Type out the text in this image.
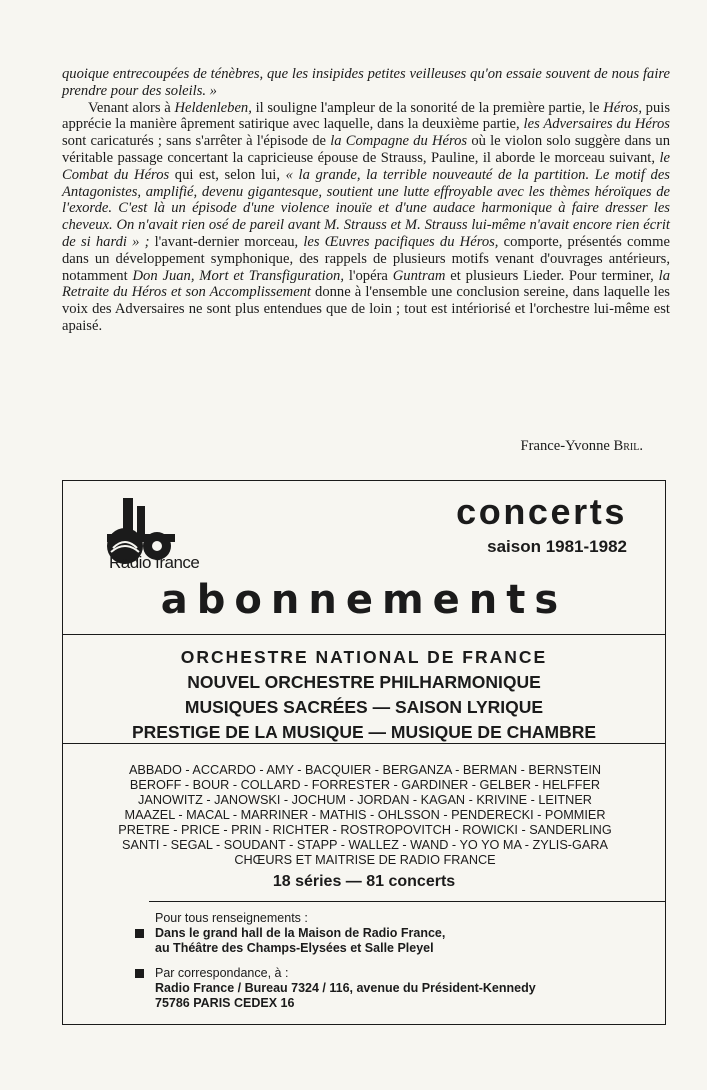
quoique entrecoupées de ténèbres, que les insipides petites veilleuses qu'on essaie souvent de nous faire prendre pour des soleils. »

Venant alors à Heldenleben, il souligne l'ampleur de la sonorité de la première partie, le Héros, puis apprécie la manière âprement satirique avec laquelle, dans la deuxième partie, les Adversaires du Héros sont caricaturés ; sans s'arrêter à l'épisode de la Compagne du Héros où le violon solo suggère dans un véritable passage concertant la capricieuse épouse de Strauss, Pauline, il aborde le morceau suivant, le Combat du Héros qui est, selon lui, « la grande, la terrible nouveauté de la partition. Le motif des Antagonistes, amplifié, devenu gigantesque, soutient une lutte effroyable avec les thèmes héroïques de l'exorde. C'est là un épisode d'une violence inouïe et d'une audace harmonique à faire dresser les cheveux. On n'avait rien osé de pareil avant M. Strauss et M. Strauss lui-même n'avait encore rien écrit de si hardi » ; l'avant-dernier morceau, les Œuvres pacifiques du Héros, comporte, présentés comme dans un développement symphonique, des rappels de plusieurs motifs venant d'ouvrages antérieurs, notamment Don Juan, Mort et Transfiguration, l'opéra Guntram et plusieurs Lieder. Pour terminer, la Retraite du Héros et son Accomplissement donne à l'ensemble une conclusion sereine, dans laquelle les voix des Adversaires ne sont plus entendues que de loin ; tout est intériorisé et l'orchestre lui-même est apaisé.

France-Yvonne Bril.
Radio france
concerts
saison 1981-1982
abonnements
ORCHESTRE NATIONAL DE FRANCE
NOUVEL ORCHESTRE PHILHARMONIQUE
MUSIQUES SACRÉES — SAISON LYRIQUE
PRESTIGE DE LA MUSIQUE — MUSIQUE DE CHAMBRE
ABBADO - ACCARDO - AMY - BACQUIER - BERGANZA - BERMAN - BERNSTEIN
BEROFF - BOUR - COLLARD - FORRESTER - GARDINER - GELBER - HELFFER
JANOWITZ - JANOWSKI - JOCHUM - JORDAN - KAGAN - KRIVINE - LEITNER
MAAZEL - MACAL - MARRINER - MATHIS - OHLSSON - PENDERECKI - POMMIER
PRETRE - PRICE - PRIN - RICHTER - ROSTROPOVITCH - ROWICKI - SANDERLING
SANTI - SEGAL - SOUDANT - STAPP - WALLEZ - WAND - YO YO MA - ZYLIS-GARA
CHŒURS ET MAITRISE DE RADIO FRANCE
18 séries — 81 concerts
Pour tous renseignements :
Dans le grand hall de la Maison de Radio France,
au Théâtre des Champs-Elysées et Salle Pleyel
Par correspondance, à :
Radio France / Bureau 7324 / 116, avenue du Président-Kennedy
75786 PARIS CEDEX 16
